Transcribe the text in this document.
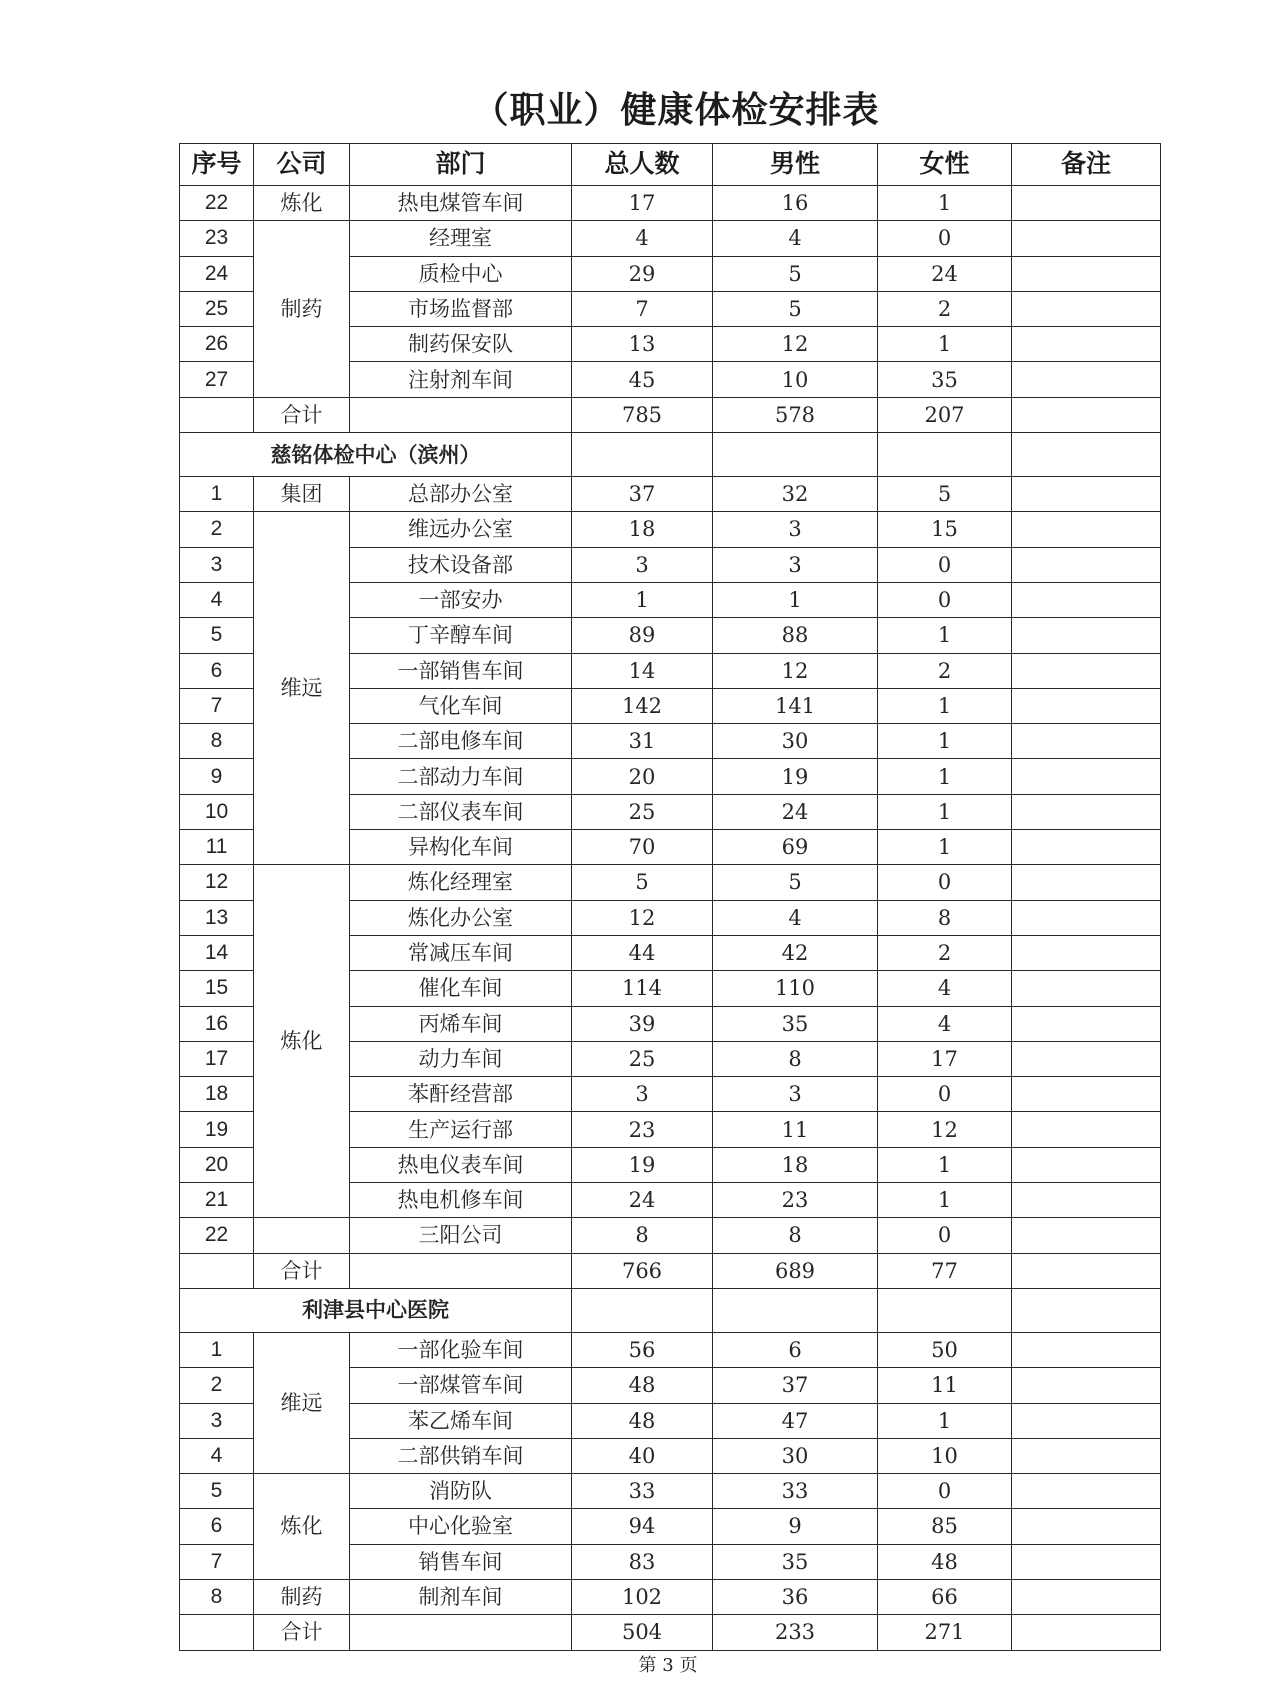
（职业）健康体检安排表
序号	公司	部门	总人数	男性	女性	备注
22	炼化	热电煤管车间	17	16	1	
23	制药	经理室	4	4	0	
24		质检中心	29	5	24	
25		市场监督部	7	5	2	
26		制药保安队	13	12	1	
27		注射剂车间	45	10	35	
	合计		785	578	207	
慈铭体检中心（滨州）						
1	集团	总部办公室	37	32	5	
2	维远	维远办公室	18	3	15	
3		技术设备部	3	3	0	
4		一部安办	1	1	0	
5		丁辛醇车间	89	88	1	
6		一部销售车间	14	12	2	
7		气化车间	142	141	1	
8		二部电修车间	31	30	1	
9		二部动力车间	20	19	1	
10		二部仪表车间	25	24	1	
11		异构化车间	70	69	1	
12	炼化	炼化经理室	5	5	0	
13		炼化办公室	12	4	8	
14		常减压车间	44	42	2	
15		催化车间	114	110	4	
16		丙烯车间	39	35	4	
17		动力车间	25	8	17	
18		苯酐经营部	3	3	0	
19		生产运行部	23	11	12	
20		热电仪表车间	19	18	1	
21		热电机修车间	24	23	1	
22		三阳公司	8	8	0	
	合计		766	689	77	
利津县中心医院						
1	维远	一部化验车间	56	6	50	
2		一部煤管车间	48	37	11	
3		苯乙烯车间	48	47	1	
4		二部供销车间	40	30	10	
5	炼化	消防队	33	33	0	
6		中心化验室	94	9	85	
7		销售车间	83	35	48	
8	制药	制剂车间	102	36	66	
	合计		504	233	271	
第 3 页
